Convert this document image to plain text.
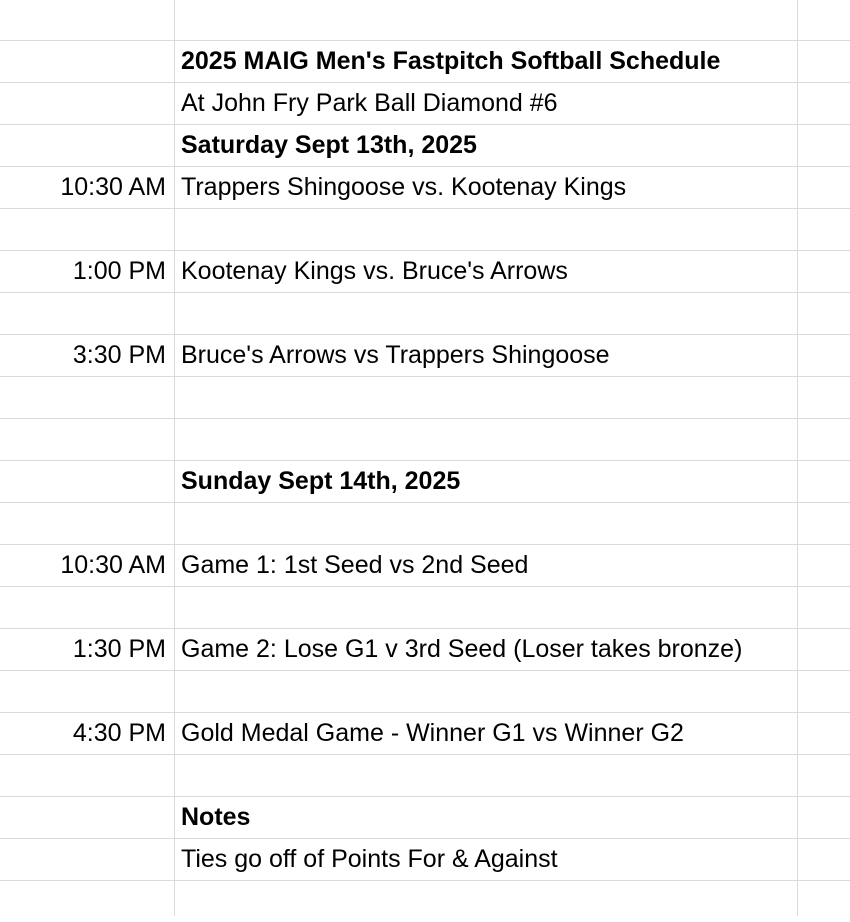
Ties go off of Points For & Against
Notes
4:30 PM Gold Medal Game - Winner G1 vs Winner G2
1:30 PM Game 2: Lose G1 v 3rd Seed (Loser takes bronze)
10:30 AM Game 1: 1st Seed vs 2nd Seed
Sunday Sept 14th, 2025
3:30 PM Bruce's Arrows vs Trappers Shingoose
1:00 PM Kootenay Kings vs. Bruce's Arrows
10:30 AM Trappers Shingoose vs. Kootenay Kings
Saturday Sept 13th, 2025
At John Fry Park Ball Diamond #6
2025 MAIG Men's Fastpitch Softball Schedule
